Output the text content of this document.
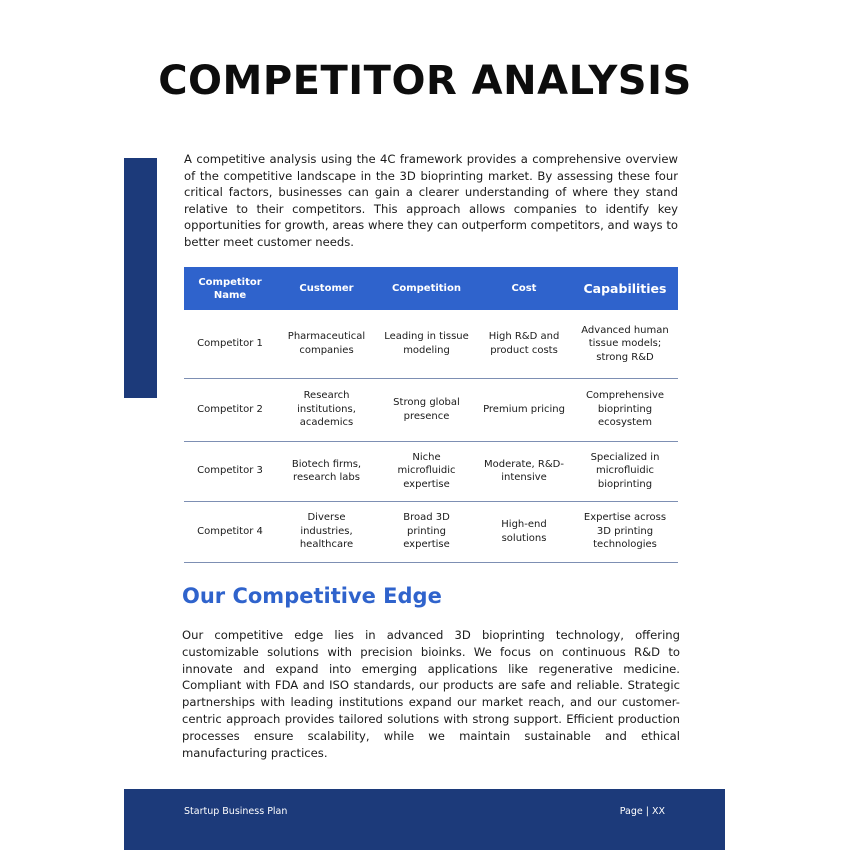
COMPETITOR ANALYSIS

A competitive analysis using the 4C framework provides a comprehensive overview of the competitive landscape in the 3D bioprinting market. By assessing these four critical factors, businesses can gain a clearer understanding of where they stand relative to their competitors. This approach allows companies to identify key opportunities for growth, areas where they can outperform competitors, and ways to better meet customer needs.

Competitor Name	Customer	Competition	Cost	Capabilities
Competitor 1	Pharmaceutical companies	Leading in tissue modeling	High R&D and product costs	Advanced human tissue models; strong R&D
Competitor 2	Research institutions, academics	Strong global presence	Premium pricing	Comprehensive bioprinting ecosystem
Competitor 3	Biotech firms, research labs	Niche microfluidic expertise	Moderate, R&D-intensive	Specialized in microfluidic bioprinting
Competitor 4	Diverse industries, healthcare	Broad 3D printing expertise	High-end solutions	Expertise across 3D printing technologies
Our Competitive Edge

Our competitive edge lies in advanced 3D bioprinting technology, offering customizable solutions with precision bioinks. We focus on continuous R&D to innovate and expand into emerging applications like regenerative medicine. Compliant with FDA and ISO standards, our products are safe and reliable. Strategic partnerships with leading institutions expand our market reach, and our customer-centric approach provides tailored solutions with strong support. Efficient production processes ensure scalability, while we maintain sustainable and ethical manufacturing practices.

Startup Business Plan	Page | XX
